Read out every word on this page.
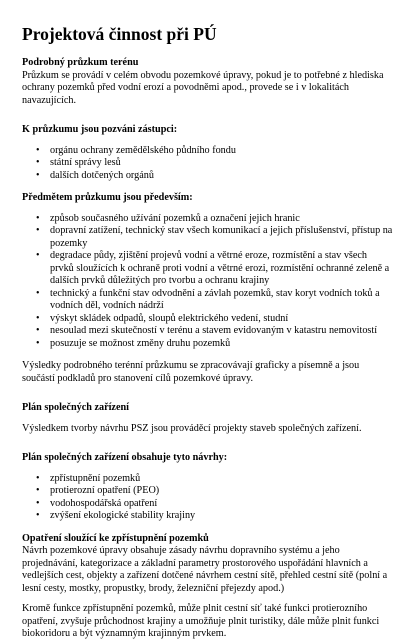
Projektová činnost při PÚ

Podrobný průzkum terénu

Průzkum se provádí v celém obvodu pozemkové úpravy, pokud je to potřebné z hlediska ochrany pozemků před vodní erozí a povodněmi apod., provede se i v lokalitách navazujících.

K průzkumu jsou pozváni zástupci:

• orgánu ochrany zemědělského půdního fondu
• státní správy lesů
• dalších dotčených orgánů

Předmětem průzkumu jsou především:

• způsob současného užívání pozemků a označení jejich hranic
• dopravní zatížení, technický stav všech komunikací a jejich příslušenství, přístup na pozemky
• degradace půdy, zjištění projevů vodní a větrné eroze, rozmístění a stav všech prvků sloužících k ochraně proti vodní a větrné erozi, rozmístění ochranné zeleně a dalších prvků důležitých pro tvorbu a ochranu krajiny
• technický a funkční stav odvodnění a závlah pozemků, stav koryt vodních toků a vodních děl, vodních nádrží
• výskyt skládek odpadů, sloupů elektrického vedení, studní
• nesoulad mezi skutečností v terénu a stavem evidovaným v katastru nemovitostí
• posuzuje se možnost změny druhu pozemků

Výsledky podrobného terénní průzkumu se zpracovávají graficky a písemně a jsou součástí podkladů pro stanovení cílů pozemkové úpravy.

Plán společných zařízení

Výsledkem tvorby návrhu PSZ jsou prováděcí projekty staveb společných zařízení.

Plán společných zařízení obsahuje tyto návrhy:

• zpřístupnění pozemků
• protierozní opatření (PEO)
• vodohospodářská opatření
• zvýšení ekologické stability krajiny

Opatření sloužící ke zpřístupnění pozemků

Návrh pozemkové úpravy obsahuje zásady návrhu dopravního systému a jeho projednávání, kategorizace a základní parametry prostorového uspořádání hlavních a vedlejších cest, objekty a zařízení dotčené návrhem cestní sítě, přehled cestní sítě (polní a lesní cesty, mostky, propustky, brody, železniční přejezdy apod.)

Kromě funkce zpřístupnění pozemků, může plnit cestní síť také funkci protierozního opatření, zvyšuje průchodnost krajiny a umožňuje plnit turistiky, dále může plnit funkci biokoridoru a být významným krajinným prvkem.
